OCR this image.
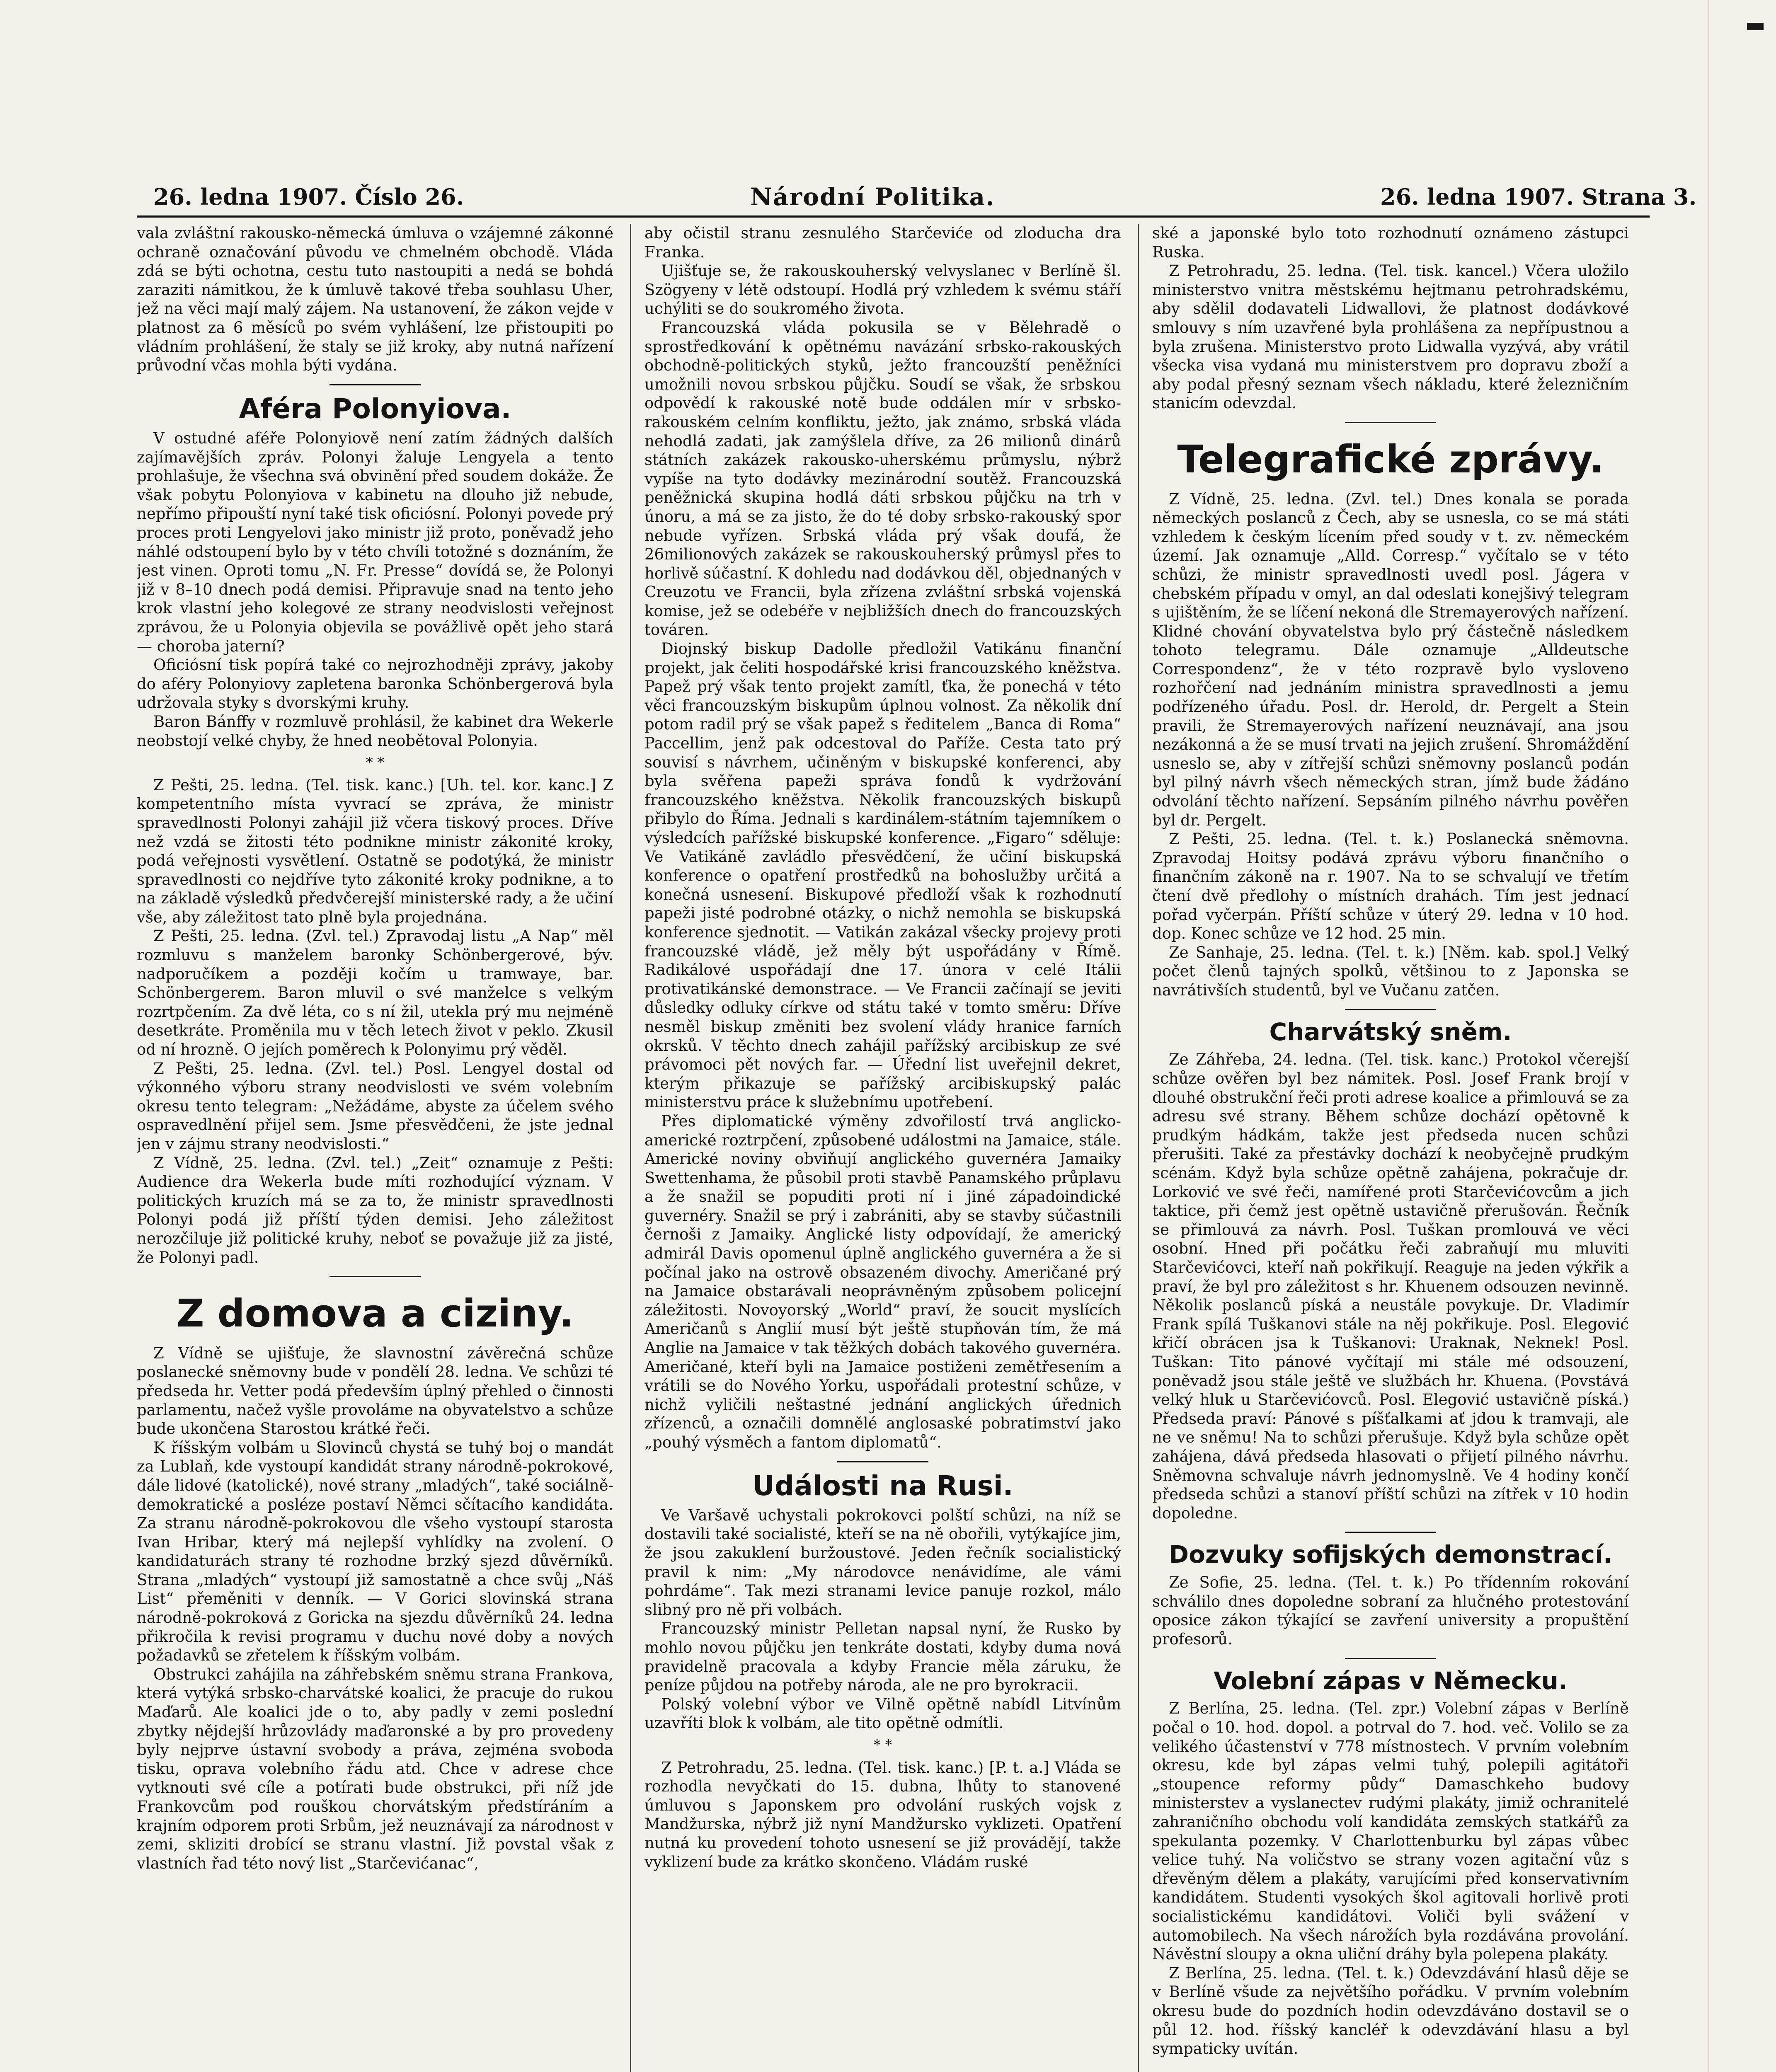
26. ledna 1907. Číslo 26.	Národní Politika.	26. ledna 1907. Strana 3.

vala zvláštní rakousko-německá úmluva o vzájemné zákonné ochraně označování původu ve chmelném obchodě. Vláda zdá se býti ochotna, cestu tuto nastoupiti a nedá se bohdá zaraziti námitkou, že k úmluvě takové třeba souhlasu Uher, jež na věci mají malý zájem. Na ustanovení, že zákon vejde v platnost za 6 měsíců po svém vyhlášení, lze přistoupiti po vládním prohlášení, že staly se již kroky, aby nutná nařízení průvodní včas mohla býti vydána.

Aféra Polonyiova.

V ostudné aféře Polonyiově není zatím žádných dalších zajímavějších zpráv. Polonyi žaluje Lengyela a tento prohlašuje, že všechna svá obvinění před soudem dokáže. Že však pobytu Polonyiova v kabinetu na dlouho již nebude, nepřímo připouští nyní také tisk oficiósní. Polonyi povede prý proces proti Lengyelovi jako ministr již proto, poněvadž jeho náhlé odstoupení bylo by v této chvíli totožné s doznáním, že jest vinen. Oproti tomu „N. Fr. Presse“ dovídá se, že Polonyi již v 8–10 dnech podá demisi. Připravuje snad na tento jeho krok vlastní jeho kolegové ze strany neodvislosti veřejnost zprávou, že u Polonyia objevila se povážlivě opět jeho stará — choroba jaterní?

Oficiósní tisk popírá také co nejrozhodněji zprávy, jakoby do aféry Polonyiovy zapletena baronka Schönbergerová byla udržovala styky s dvorskými kruhy.

Baron Bánffy v rozmluvě prohlásil, že kabinet dra Wekerle neobstojí velké chyby, že hned neobětoval Polonyia.

* *

Z Pešti, 25. ledna. (Tel. tisk. kanc.) [Uh. tel. kor. kanc.] Z kompetentního místa vyvrací se zpráva, že ministr spravedlnosti Polonyi zahájil již včera tiskový proces. Dříve než vzdá se žitosti této podnikne ministr zákonité kroky, podá veřejnosti vysvětlení. Ostatně se podotýká, že ministr spravedlnosti co nejdříve tyto zákonité kroky podnikne, a to na základě výsledků předvčerejší ministerské rady, a že učiní vše, aby záležitost tato plně byla projednána.

Z Pešti, 25. ledna. (Zvl. tel.) Zpravodaj listu „A Nap“ měl rozmluvu s manželem baronky Schönbergerové, býv. nadporučíkem a později kočím u tramwaye, bar. Schönbergerem. Baron mluvil o své manželce s velkým rozrtpčením. Za dvě léta, co s ní žil, utekla prý mu nejméně desetkráte. Proměnila mu v těch letech život v peklo. Zkusil od ní hrozně. O jejích poměrech k Polonyimu prý věděl.

Z Pešti, 25. ledna. (Zvl. tel.) Posl. Lengyel dostal od výkonného výboru strany neodvislosti ve svém volebním okresu tento telegram: „Nežádáme, abyste za účelem svého ospravedlnění přijel sem. Jsme přesvědčeni, že jste jednal jen v zájmu strany neodvislosti.“

Z Vídně, 25. ledna. (Zvl. tel.) „Zeit“ oznamuje z Pešti: Audience dra Wekerla bude míti rozhodující význam. V politických kruzích má se za to, že ministr spravedlnosti Polonyi podá již příští týden demisi. Jeho záležitost nerozčiluje již politické kruhy, neboť se považuje již za jisté, že Polonyi padl.

Z domova a ciziny.

Z Vídně se ujišťuje, že slavnostní závěrečná schůze poslanecké sněmovny bude v pondělí 28. ledna. Ve schůzi té předseda hr. Vetter podá především úplný přehled o činnosti parlamentu, načež vyšle provoláme na obyvatelstvo a schůze bude ukončena Starostou krátké řeči.

K říšským volbám u Slovinců chystá se tuhý boj o mandát za Lublaň, kde vystoupí kandidát strany národně-pokrokové, dále lidové (katolické), nové strany „mladých“, také sociálně-demokratické a posléze postaví Němci sčítacího kandidáta. Za stranu národně-pokrokovou dle všeho vystoupí starosta Ivan Hribar, který má nejlepší vyhlídky na zvolení. O kandidaturách strany té rozhodne brzký sjezd důvěrníků. Strana „mladých“ vystoupí již samostatně a chce svůj „Náš List“ přeměniti v denník. — V Gorici slovinská strana národně-pokroková z Goricka na sjezdu důvěrníků 24. ledna přikročila k revisi programu v duchu nové doby a nových požadavků se zřetelem k říšským volbám.

Obstrukci zahájila na záhřebském sněmu strana Frankova, která vytýká srbsko-charvátské koalici, že pracuje do rukou Maďarů. Ale koalici jde o to, aby padly v zemi poslední zbytky nějdejší hrůzovlády maďaronské a by pro provedeny byly nejprve ústavní svobody a práva, zejména svoboda tisku, oprava volebního řádu atd. Chce v adrese chce vytknouti své cíle a potírati bude obstrukci, při níž jde Frankovcům pod rouškou chorvátským předstíráním a krajním odporem proti Srbům, jež neuznávají za národnost v zemi, skliziti drobící se stranu vlastní. Již povstal však z vlastních řad této nový list „Starčevićanac“,

aby očistil stranu zesnulého Starčeviće od zloducha dra Franka.

Ujišťuje se, že rakouskouherský velvyslanec v Berlíně šl. Szögyeny v létě odstoupí. Hodlá prý vzhledem k svému stáří uchýliti se do soukromého života.

Francouzská vláda pokusila se v Bělehradě o sprostředkování k opětnému navázání srbsko-rakouských obchodně-politických styků, ježto francouzští peněžníci umožnili novou srbskou půjčku. Soudí se však, že srbskou odpovědí k rakouské notě bude oddálen mír v srbsko-rakouském celním konfliktu, ježto, jak známo, srbská vláda nehodlá zadati, jak zamýšlela dříve, za 26 milionů dinárů státních zakázek rakousko-uherskému průmyslu, nýbrž vypíše na tyto dodávky mezinárodní soutěž. Francouzská peněžnická skupina hodlá dáti srbskou půjčku na trh v únoru, a má se za jisto, že do té doby srbsko-rakouský spor nebude vyřízen. Srbská vláda prý však doufá, že 26milionových zakázek se rakouskouherský průmysl přes to horlivě súčastní. K dohledu nad dodávkou děl, objednaných v Creuzotu ve Francii, byla zřízena zvláštní srbská vojenská komise, jež se odebéře v nejbližších dnech do francouzských továren.

Diojnský biskup Dadolle předložil Vatikánu finanční projekt, jak čeliti hospodářské krisi francouzského kněžstva. Papež prý však tento projekt zamítl, ťka, že ponechá v této věci francouzským biskupům úplnou volnost. Za několik dní potom radil prý se však papež s ředitelem „Banca di Roma“ Paccellim, jenž pak odcestoval do Paříže. Cesta tato prý souvisí s návrhem, učiněným v biskupské konferenci, aby byla svěřena papeži správa fondů k vydržování francouzského kněžstva. Několik francouzských biskupů přibylo do Říma. Jednali s kardinálem-státním tajemníkem o výsledcích pařížské biskupské konference. „Figaro“ sděluje: Ve Vatikáně zavládlo přesvědčení, že učiní biskupská konference o opatření prostředků na bohoslužby určitá a konečná usnesení. Biskupové předloží však k rozhodnutí papeži jisté podrobné otázky, o nichž nemohla se biskupská konference sjednotit. — Vatikán zakázal všecky projevy proti francouzské vládě, jež měly být uspořádány v Římě. Radikálové uspořádají dne 17. února v celé Itálii protivatikánské demonstrace. — Ve Francii začínají se jeviti důsledky odluky církve od státu také v tomto směru: Dříve nesměl biskup změniti bez svolení vlády hranice farních okrsků. V těchto dnech zahájil pařížský arcibiskup ze své právomoci pět nových far. — Úřední list uveřejnil dekret, kterým přikazuje se pařížský arcibiskupský palác ministerstvu práce k služebnímu upotřebení.

Přes diplomatické výměny zdvořilostí trvá anglicko-americké roztrpčení, způsobené událostmi na Jamaice, stále. Americké noviny obviňují anglického guvernéra Jamaiky Swettenhama, že působil proti stavbě Panamského průplavu a že snažil se popuditi proti ní i jiné západoindické guvernéry. Snažil se prý i zabrániti, aby se stavby súčastnili černoši z Jamaiky. Anglické listy odpovídají, že americký admirál Davis opomenul úplně anglického guvernéra a že si počínal jako na ostrově obsazeném divochy. Američané prý na Jamaice obstarávali neoprávněným způsobem policejní záležitosti. Novoyorský „World“ praví, že soucit myslících Američanů s Anglií musí být ještě stupňován tím, že má Anglie na Jamaice v tak těžkých dobách takového guvernéra. Američané, kteří byli na Jamaice postiženi zemětřesením a vrátili se do Nového Yorku, uspořádali protestní schůze, v nichž vyličili neštastné jednání anglických úřednich zřízenců, a označili domnělé anglosaské pobratimství jako „pouhý výsměch a fantom diplomatů“.

Události na Rusi.

Ve Varšavě uchystali pokrokovci polští schůzi, na níž se dostavili také socialisté, kteří se na ně obořili, vytýkajíce jim, že jsou zakuklení buržoustové. Jeden řečník socialistický pravil k nim: „My národovce nenávidíme, ale vámi pohrdáme“. Tak mezi stranami levice panuje rozkol, málo slibný pro ně při volbách.

Francouzský ministr Pelletan napsal nyní, že Rusko by mohlo novou půjčku jen tenkráte dostati, kdyby duma nová pravidelně pracovala a kdyby Francie měla záruku, že peníze půjdou na potřeby národa, ale ne pro byrokracii.

Polský volební výbor ve Vilně opětně nabídl Litvínům uzavříti blok k volbám, ale tito opětně odmítli.

* *

Z Petrohradu, 25. ledna. (Tel. tisk. kanc.) [P. t. a.] Vláda se rozhodla nevyčkati do 15. dubna, lhůty to stanovené úmluvou s Japonskem pro odvolání ruských vojsk z Mandžurska, nýbrž již nyní Mandžursko vyklizeti. Opatření nutná ku provedení tohoto usnesení se již provádějí, takže vyklizení bude za krátko skončeno. Vládám ruské

ské a japonské bylo toto rozhodnutí oznámeno zástupci Ruska.

Z Petrohradu, 25. ledna. (Tel. tisk. kancel.) Včera uložilo ministerstvo vnitra městskému hejtmanu petrohradskému, aby sdělil dodavateli Lidwallovi, že platnost dodávkové smlouvy s ním uzavřené byla prohlášena za nepřípustnou a byla zrušena. Ministerstvo proto Lidwalla vyzývá, aby vrátil všecka visa vydaná mu ministerstvem pro dopravu zboží a aby podal přesný seznam všech nákladu, které železničním stanicím odevzdal.

Telegrafické zprávy.

Z Vídně, 25. ledna. (Zvl. tel.) Dnes konala se porada německých poslanců z Čech, aby se usnesla, co se má státi vzhledem k českým lícením před soudy v t. zv. německém území. Jak oznamuje „Alld. Corresp.“ vyčítalo se v této schůzi, že ministr spravedlnosti uvedl posl. Jágera v chebském případu v omyl, an dal odeslati konejšivý telegram s ujištěním, že se líčení nekoná dle Stremayerových nařízení. Klidné chování obyvatelstva bylo prý částečně následkem tohoto telegramu. Dále oznamuje „Alldeutsche Correspondenz“, že v této rozpravě bylo vysloveno rozhořčení nad jednáním ministra spravedlnosti a jemu podřízeného úřadu. Posl. dr. Herold, dr. Pergelt a Stein pravili, že Stremayerových nařízení neuznávají, ana jsou nezákonná a že se musí trvati na jejich zrušení. Shromáždění usneslo se, aby v zítřejší schůzi sněmovny poslanců podán byl pilný návrh všech německých stran, jímž bude žádáno odvolání těchto nařízení. Sepsáním pilného návrhu pověřen byl dr. Pergelt.

Z Pešti, 25. ledna. (Tel. t. k.) Poslanecká sněmovna. Zpravodaj Hoitsy podává zprávu výboru finančního o finančním zákoně na r. 1907. Na to se schvalují ve třetím čtení dvě předlohy o místních drahách. Tím jest jednací pořad vyčerpán. Příští schůze v úterý 29. ledna v 10 hod. dop. Konec schůze ve 12 hod. 25 min.

Ze Sanhaje, 25. ledna. (Tel. t. k.) [Něm. kab. spol.] Velký počet členů tajných spolků, většinou to z Japonska se navrátivších studentů, byl ve Vučanu zatčen.

Charvátský sněm.

Ze Záhřeba, 24. ledna. (Tel. tisk. kanc.) Protokol včerejší schůze ověřen byl bez námitek. Posl. Josef Frank brojí v dlouhé obstrukční řeči proti adrese koalice a přimlouvá se za adresu své strany. Během schůze dochází opětovně k prudkým hádkám, takže jest předseda nucen schůzi přerušiti. Také za přestávky dochází k neobyčejně prudkým scénám. Když byla schůze opětně zahájena, pokračuje dr. Lorković ve své řeči, namířené proti Starčevićovcům a jich taktice, při čemž jest opětně ustavičně přerušován. Řečník se přimlouvá za návrh. Posl. Tuškan promlouvá ve věci osobní. Hned při počátku řeči zabraňují mu mluviti Starčevićovci, kteří naň pokřikují. Reaguje na jeden výkřik a praví, že byl pro záležitost s hr. Khuenem odsouzen nevinně. Několik poslanců píská a neustále povykuje. Dr. Vladimír Frank spílá Tuškanovi stále na něj pokřikuje. Posl. Elegović křičí obrácen jsa k Tuškanovi: Uraknak, Neknek! Posl. Tuškan: Tito pánové vyčítají mi stále mé odsouzení, poněvadž jsou stále ještě ve službách hr. Khuena. (Povstává velký hluk u Starčevićovců. Posl. Elegović ustavičně píská.) Předseda praví: Pánové s píšťalkami ať jdou k tramvaji, ale ne ve sněmu! Na to schůzi přerušuje. Když byla schůze opět zahájena, dává předseda hlasovati o přijetí pilného návrhu. Sněmovna schvaluje návrh jednomyslně. Ve 4 hodiny končí předseda schůzi a stanoví příští schůzi na zítřek v 10 hodin dopoledne.

Dozvuky sofijských demonstrací.

Ze Sofie, 25. ledna. (Tel. t. k.) Po třídenním rokování schválilo dnes dopoledne sobraní za hlučného protestování oposice zákon týkající se zavření university a propuštění profesorů.

Volební zápas v Německu.

Z Berlína, 25. ledna. (Tel. zpr.) Volební zápas v Berlíně počal o 10. hod. dopol. a potrval do 7. hod. več. Volilo se za velikého účastenství v 778 místnostech. V prvním volebním okresu, kde byl zápas velmi tuhý, polepili agitátoři „stoupence reformy půdy“ Damaschkeho budovy ministerstev a vyslanectev rudými plakáty, jimiž ochranitelé zahraničního obchodu volí kandidáta zemských statkářů za spekulanta pozemky. V Charlottenburku byl zápas vůbec velice tuhý. Na voličstvo se strany vozen agitační vůz s dřevěným dělem a plakáty, varujícími před konservativním kandidátem. Studenti vysokých škol agitovali horlivě proti socialistickému kandidátovi. Voliči byli svážení v automobilech. Na všech nárožích byla rozdávána provolání. Návěstní sloupy a okna uliční dráhy byla polepena plakáty.

Z Berlína, 25. ledna. (Tel. t. k.) Odevzdávání hlasů děje se v Berlíně všude za největšího pořádku. V prvním volebním okresu bude do pozdních hodin odevzdáváno dostavil se o půl 12. hod. říšský kancléř k odevzdávání hlasu a byl sympaticky uvítán.
